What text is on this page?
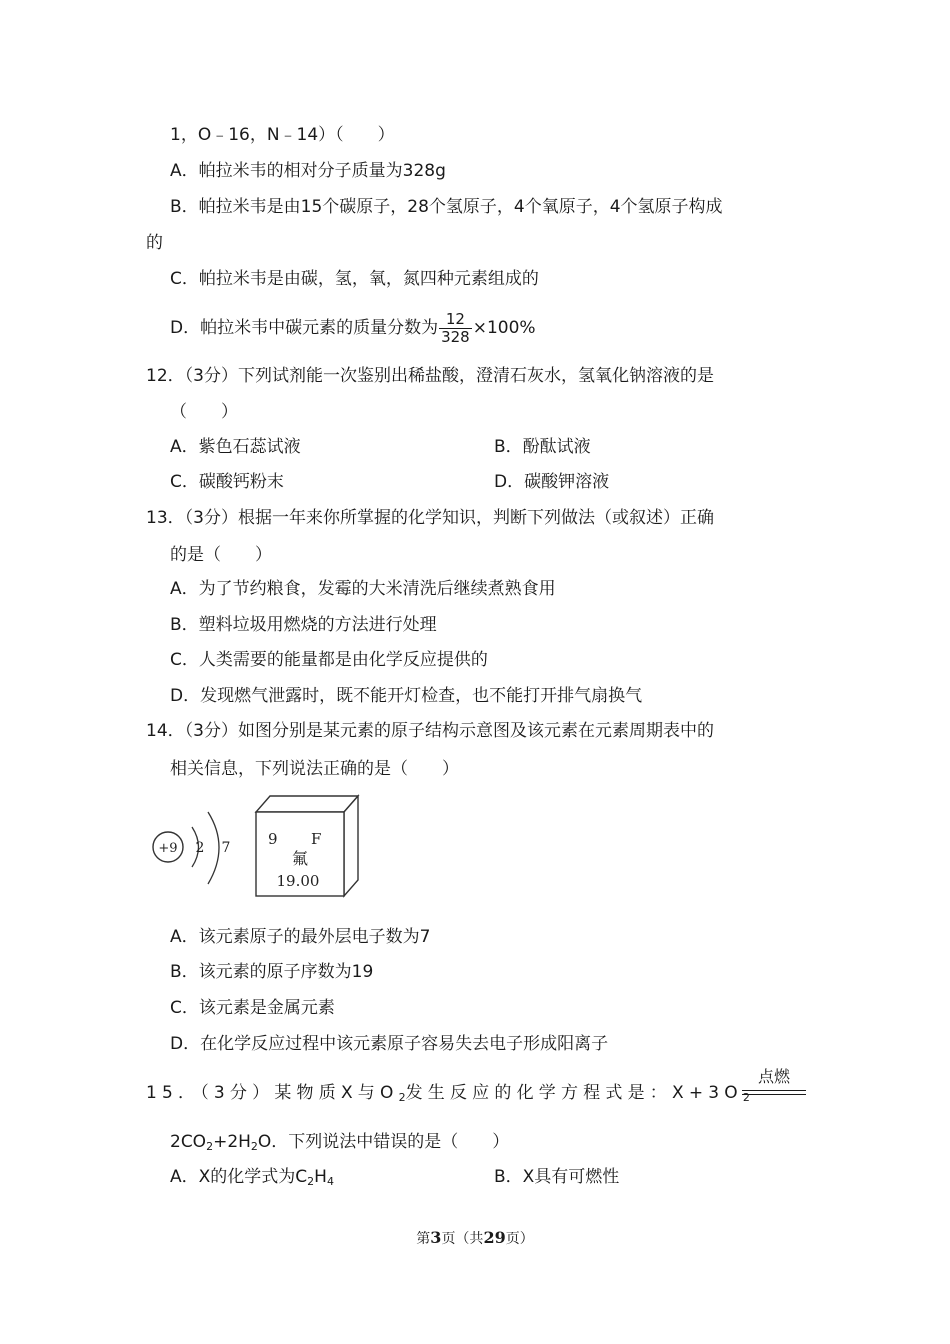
1，O﹣16，N﹣14）（　　）
A．帕拉米韦的相对分子质量为328g
B．帕拉米韦是由15个碳原子，28个氢原子，4个氧原子，4个氢原子构成
的
C．帕拉米韦是由碳，氢，氧，氮四种元素组成的
D．帕拉米韦中碳元素的质量分数为 $\frac{12}{328} \times 100\%$
12．（3分）下列试剂能一次鉴别出稀盐酸，澄清石灰水，氢氧化钠溶液的是
（　　）
A．紫色石蕊试液	B．酚酞试液
C．碳酸钙粉末	D．碳酸钾溶液
13．（3分）根据一年来你所掌握的化学知识，判断下列做法（或叙述）正确
的是（　　）
A．为了节约粮食，发霉的大米清洗后继续煮熟食用
B．塑料垃圾用燃烧的方法进行处理
C．人类需要的能量都是由化学反应提供的
D．发现燃气泄露时，既不能开灯检查，也不能打开排气扇换气
14．（3分）如图分别是某元素的原子结构示意图及该元素在元素周期表中的
相关信息，下列说法正确的是（　　）
+9 2 7	9 F
氟
19.00
A．该元素原子的最外层电子数为7
B．该元素的原子序数为19
C．该元素是金属元素
D．在化学反应过程中该元素原子容易失去电子形成阳离子
15．（3分）某物质X与$O_2$发生反应的化学方程式是：$X+3O_2$
点燃
$2CO_2+2H_2O$．下列说法中错误的是（　　）
A．X的化学式为$C_2H_4$	B．X具有可燃性
第3页（共29页）
